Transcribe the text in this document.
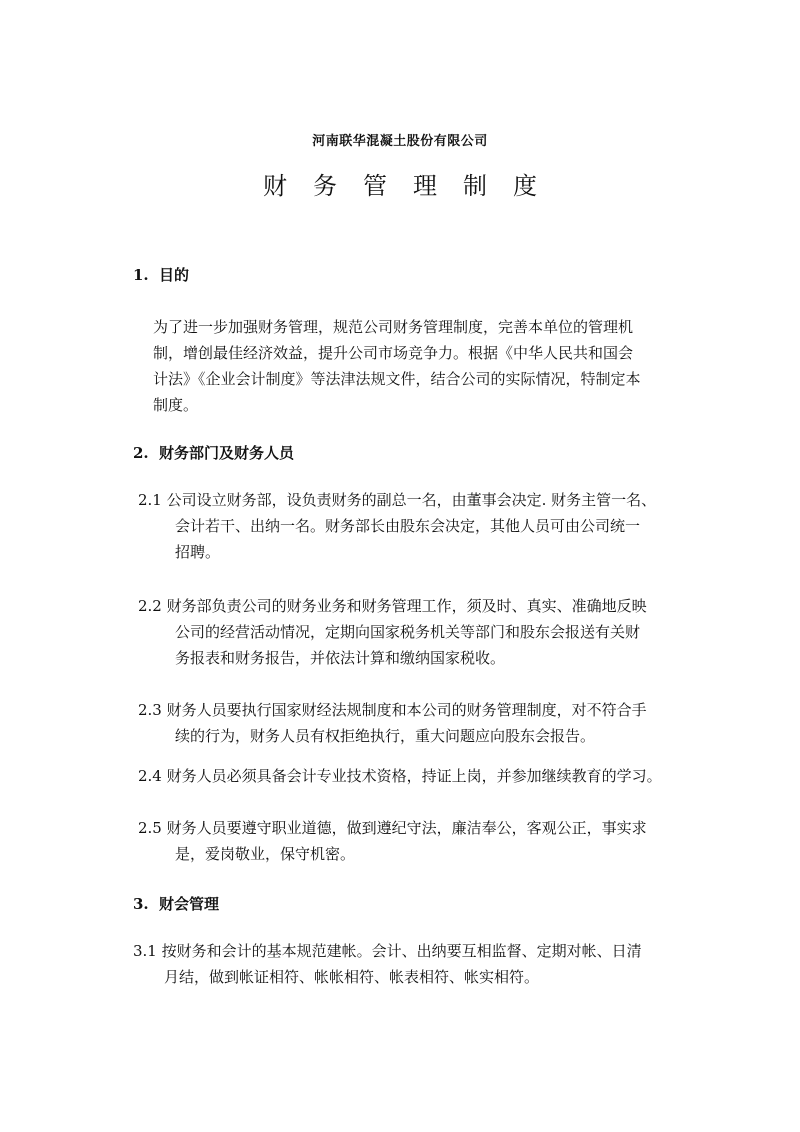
河南联华混凝土股份有限公司
财务管理制度
1. 目的
为了进一步加强财务管理，规范公司财务管理制度，完善本单位的管理机
制，增创最佳经济效益，提升公司市场竞争力。根据《中华人民共和国会
计法》《企业会计制度》等法津法规文件，结合公司的实际情况，特制定本
制度。
2. 财务部门及财务人员
2.1 公司设立财务部，设负责财务的副总一名，由董事会决定. 财务主管一名、
会计若干、出纳一名。财务部长由股东会决定，其他人员可由公司统一
招聘。
2.2 财务部负责公司的财务业务和财务管理工作，须及时、真实、准确地反映
公司的经营活动情况，定期向国家税务机关等部门和股东会报送有关财
务报表和财务报告，并依法计算和缴纳国家税收。
2.3 财务人员要执行国家财经法规制度和本公司的财务管理制度，对不符合手
续的行为，财务人员有权拒绝执行，重大问题应向股东会报告。
2.4 财务人员必须具备会计专业技术资格，持证上岗，并参加继续教育的学习。
2.5 财务人员要遵守职业道德，做到遵纪守法，廉洁奉公，客观公正，事实求
是，爱岗敬业，保守机密。
3. 财会管理
3.1 按财务和会计的基本规范建帐。会计、出纳要互相监督、定期对帐、日清
月结，做到帐证相符、帐帐相符、帐表相符、帐实相符。
